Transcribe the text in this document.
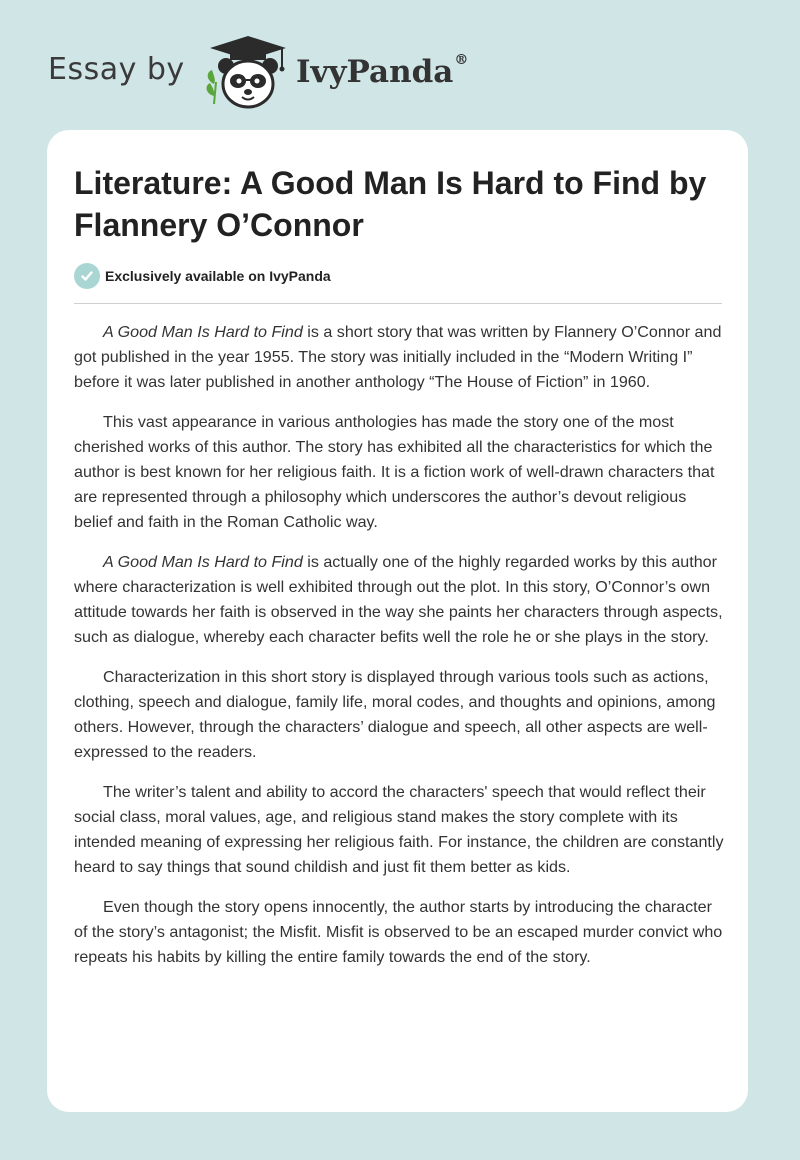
Essay by	IvyPanda®
Literature: A Good Man Is Hard to Find by Flannery O’Connor
Exclusively available on IvyPanda

A Good Man Is Hard to Find is a short story that was written by Flannery O’Connor and got published in the year 1955. The story was initially included in the “Modern Writing I” before it was later published in another anthology “The House of Fiction” in 1960.

This vast appearance in various anthologies has made the story one of the most cherished works of this author. The story has exhibited all the characteristics for which the author is best known for her religious faith. It is a fiction work of well-drawn characters that are represented through a philosophy which underscores the author’s devout religious belief and faith in the Roman Catholic way.

A Good Man Is Hard to Find is actually one of the highly regarded works by this author where characterization is well exhibited through out the plot. In this story, O’Connor’s own attitude towards her faith is observed in the way she paints her characters through aspects, such as dialogue, whereby each character befits well the role he or she plays in the story.

Characterization in this short story is displayed through various tools such as actions, clothing, speech and dialogue, family life, moral codes, and thoughts and opinions, among others. However, through the characters’ dialogue and speech, all other aspects are well-expressed to the readers.

The writer’s talent and ability to accord the characters' speech that would reflect their social class, moral values, age, and religious stand makes the story complete with its intended meaning of expressing her religious faith. For instance, the children are constantly heard to say things that sound childish and just fit them better as kids.

Even though the story opens innocently, the author starts by introducing the character of the story’s antagonist; the Misfit. Misfit is observed to be an escaped murder convict who repeats his habits by killing the entire family towards the end of the story.
